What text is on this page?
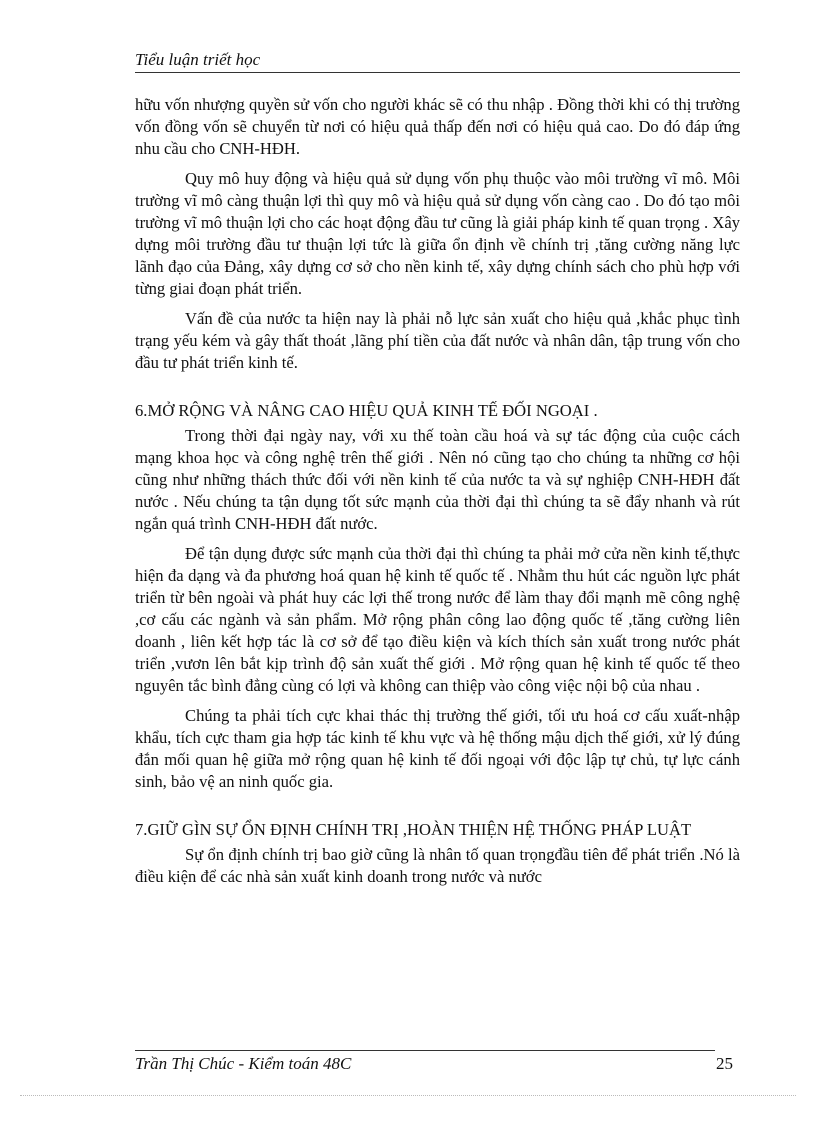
Tiểu luận triết học

hữu vốn nhượng quyền sử vốn cho người khác sẽ có thu nhập . Đồng thời khi có thị trường vốn đồng vốn sẽ chuyển từ nơi có hiệu quả thấp đến nơi có hiệu quả cao. Do đó đáp ứng nhu cầu cho CNH-HĐH.

Quy mô huy động và hiệu quả sử dụng vốn phụ thuộc vào môi trường vĩ mô. Môi trường vĩ mô càng thuận lợi thì quy mô và hiệu quả sử dụng vốn càng cao . Do đó tạo môi trường vĩ mô thuận lợi cho các hoạt động đầu tư cũng là giải pháp kinh tế quan trọng . Xây dựng môi trường đầu tư thuận lợi tức là giữa ổn định về chính trị ,tăng cường năng lực lãnh đạo của Đảng, xây dựng cơ sở cho nền kinh tế, xây dựng chính sách cho phù hợp với từng giai đoạn phát triển.

Vấn đề của nước ta hiện nay là phải nỗ lực sản xuất cho hiệu quả ,khắc phục tình trạng yếu kém và gây thất thoát ,lãng phí tiền của đất nước và nhân dân, tập trung vốn cho đầu tư phát triển kinh tế.

6.MỞ RỘNG VÀ NÂNG CAO HIỆU QUẢ KINH TẾ ĐỐI NGOẠI .

Trong thời đại ngày nay, với xu thế toàn cầu hoá và sự tác động của cuộc cách mạng khoa học và công nghệ trên thế giới . Nên nó cũng tạo cho chúng ta những cơ hội cũng như những thách thức đối với nền kinh tế của nước ta và sự nghiệp CNH-HĐH đất nước . Nếu chúng ta tận dụng tốt sức mạnh của thời đại thì chúng ta sẽ đẩy nhanh và rút ngắn quá trình CNH-HĐH đất nước.

Để tận dụng được sức mạnh của thời đại thì chúng ta phải mở cửa nền kinh tế,thực hiện đa dạng và đa phương hoá quan hệ kinh tế quốc tế . Nhằm thu hút các nguồn lực phát triển từ bên ngoài và phát huy các lợi thế trong nước để làm thay đổi mạnh mẽ công nghệ ,cơ cấu các ngành và sản phẩm. Mở rộng phân công lao động quốc tế ,tăng cường liên doanh , liên kết hợp tác là cơ sở để tạo điều kiện và kích thích sản xuất trong nước phát triển ,vươn lên bắt kịp trình độ sản xuất thế giới . Mở rộng quan hệ kinh tế quốc tế theo nguyên tắc bình đẳng cùng có lợi và không can thiệp vào công việc nội bộ của nhau .

Chúng ta phải tích cực khai thác thị trường thế giới, tối ưu hoá cơ cấu xuất-nhập khẩu, tích cực tham gia hợp tác kinh tế khu vực và hệ thống mậu dịch thế giới, xử lý đúng đắn mối quan hệ giữa mở rộng quan hệ kinh tế đối ngoại với độc lập tự chủ, tự lực cánh sinh, bảo vệ an ninh quốc gia.

7.GIỮ GÌN SỰ ỔN ĐỊNH CHÍNH TRỊ ,HOÀN THIỆN HỆ THỐNG PHÁP LUẬT

Sự ổn định chính trị bao giờ cũng là nhân tố quan trọngđầu tiên để phát triển .Nó là điều kiện để các nhà sản xuất kinh doanh trong nước và nước

Trần Thị Chúc - Kiểm toán 48C	25
